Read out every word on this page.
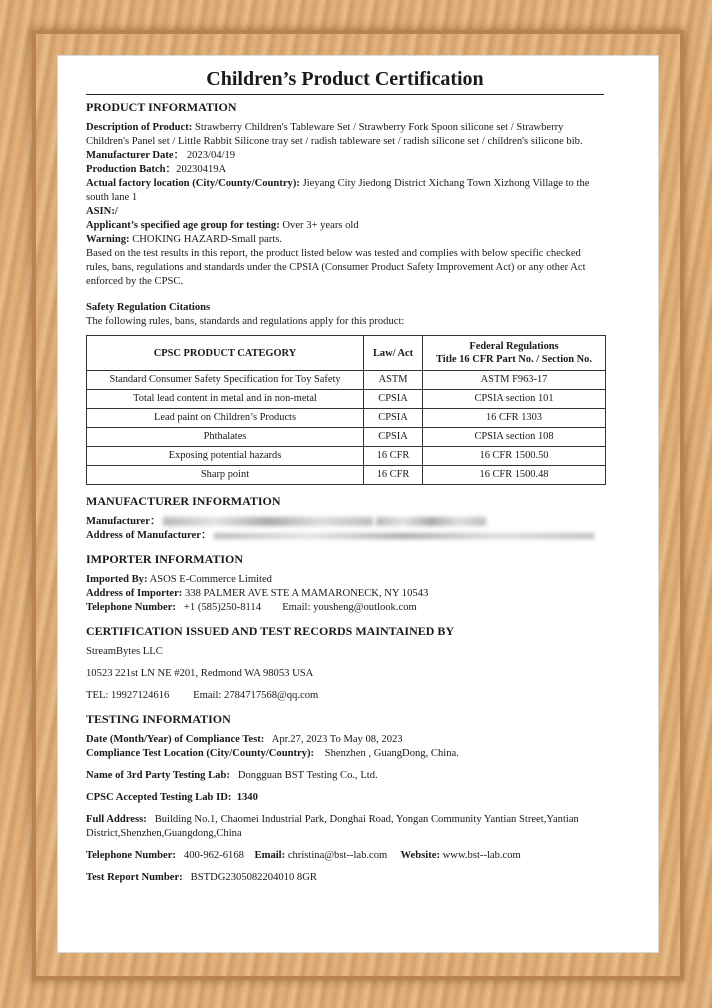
Children’s Product Certification
PRODUCT INFORMATION

Description of Product: Strawberry Children's Tableware Set / Strawberry Fork Spoon silicone set / Strawberry Children's Panel set / Little Rabbit Silicone tray set / radish tableware set / radish silicone set / children's silicone bib.

Manufacturer Date： 2023/04/19

Production Batch：20230419A

Actual factory location (City/County/Country): Jieyang City Jiedong District Xichang Town Xizhong Village to the south lane 1

ASIN:/

Applicant’s specified age group for testing: Over 3+ years old

Warning: CHOKING HAZARD-Small parts.

Based on the test results in this report, the product listed below was tested and complies with below specific checked rules, bans, regulations and standards under the CPSIA (Consumer Product Safety Improvement Act) or any other Act enforced by the CPSC.

Safety Regulation Citations

The following rules, bans, standards and regulations apply for this product:

CPSC PRODUCT CATEGORY	Law/ Act	Federal Regulations
Title 16 CFR Part No. / Section No.
Standard Consumer Safety Specification for Toy Safety	ASTM	ASTM F963-17
Total lead content in metal and in non-metal	CPSIA	CPSIA section 101
Lead paint on Children’s Products	CPSIA	16 CFR 1303
Phthalates	CPSIA	CPSIA section 108
Exposing potential hazards	16 CFR	16 CFR 1500.50
Sharp point	16 CFR	16 CFR 1500.48
MANUFACTURER INFORMATION

Manufacturer：

Address of Manufacturer：

IMPORTER INFORMATION

Imported By: ASOS E-Commerce Limited

Address of Importer: 338 PALMER AVE STE A MAMARONECK, NY 10543

Telephone Number: +1 (585)250-8114 Email: yousheng@outlook.com

CERTIFICATION ISSUED AND TEST RECORDS MAINTAINED BY

StreamBytes LLC

10523 221st LN NE #201, Redmond WA 98053 USA

TEL: 19927124616 Email: 2784717568@qq.com

TESTING INFORMATION

Date (Month/Year) of Compliance Test: Apr.27, 2023 To May 08, 2023

Compliance Test Location (City/County/Country): Shenzhen , GuangDong, China.

Name of 3rd Party Testing Lab: Dongguan BST Testing Co., Ltd.

CPSC Accepted Testing Lab ID: 1340

Full Address: Building No.1, Chaomei Industrial Park, Donghai Road, Yongan Community Yantian Street,Yantian District,Shenzhen,Guangdong,China

Telephone Number: 400-962-6168 Email: christina@bst--lab.com Website: www.bst--lab.com

Test Report Number: BSTDG2305082204010 8GR
